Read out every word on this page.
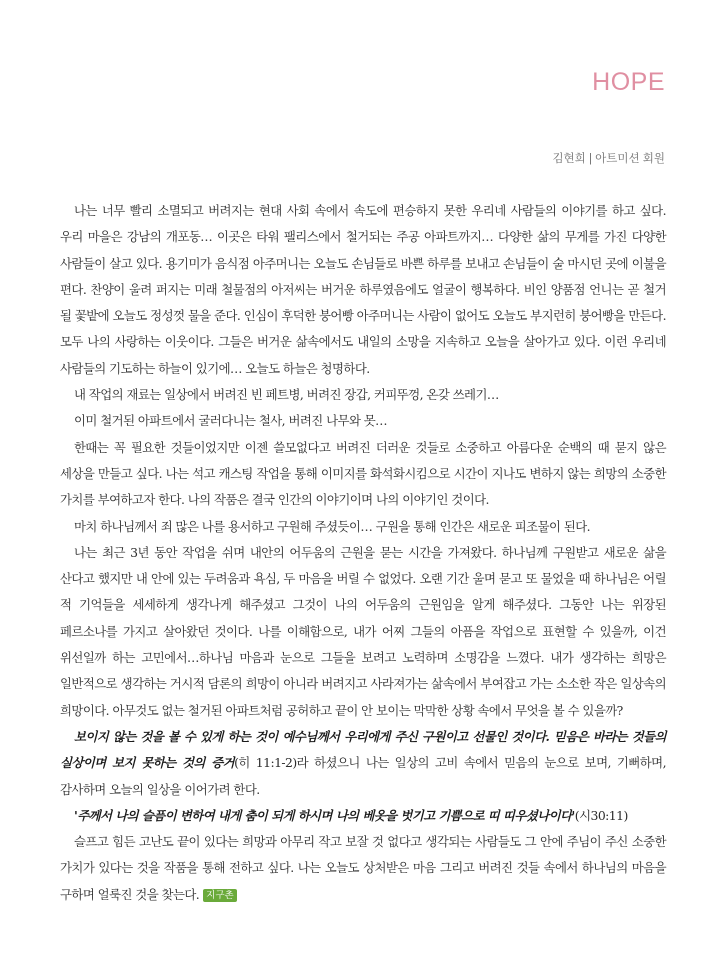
HOPE
김현희 | 아트미션 회원

나는 너무 빨리 소멸되고 버려지는 현대 사회 속에서 속도에 편승하지 못한 우리네 사람들의 이야기를 하고 싶다. 우리 마을은 강남의 개포동… 이곳은 타워 팰리스에서 철거되는 주공 아파트까지… 다양한 삶의 무게를 가진 다양한 사람들이 살고 있다. 용기미가 음식점 아주머니는 오늘도 손님들로 바쁜 하루를 보내고 손님들이 술 마시던 곳에 이불을 편다. 찬양이 울려 퍼지는 미래 철물점의 아저씨는 버거운 하루였음에도 얼굴이 행복하다. 비인 양품점 언니는 곧 철거 될 꽃밭에 오늘도 정성껏 물을 준다. 인심이 후덕한 붕어빵 아주머니는 사람이 없어도 오늘도 부지런히 붕어빵을 만든다. 모두 나의 사랑하는 이웃이다. 그들은 버거운 삶속에서도 내일의 소망을 지속하고 오늘을 살아가고 있다. 이런 우리네 사람들의 기도하는 하늘이 있기에… 오늘도 하늘은 청명하다.

내 작업의 재료는 일상에서 버려진 빈 페트병, 버려진 장갑, 커피뚜껑, 온갖 쓰레기…

이미 철거된 아파트에서 굴러다니는 철사, 버려진 나무와 못…

한때는 꼭 필요한 것들이었지만 이젠 쓸모없다고 버려진 더러운 것들로 소중하고 아름다운 순백의 때 묻지 않은 세상을 만들고 싶다. 나는 석고 캐스팅 작업을 통해 이미지를 화석화시킴으로 시간이 지나도 변하지 않는 희망의 소중한 가치를 부여하고자 한다. 나의 작품은 결국 인간의 이야기이며 나의 이야기인 것이다.

마치 하나님께서 죄 많은 나를 용서하고 구원해 주셨듯이… 구원을 통해 인간은 새로운 피조물이 된다.

나는 최근 3년 동안 작업을 쉬며 내안의 어두움의 근원을 묻는 시간을 가져왔다. 하나님께 구원받고 새로운 삶을 산다고 했지만 내 안에 있는 두려움과 욕심, 두 마음을 버릴 수 없었다. 오랜 기간 울며 묻고 또 물었을 때 하나님은 어릴 적 기억들을 세세하게 생각나게 해주셨고 그것이 나의 어두움의 근원임을 알게 해주셨다. 그동안 나는 위장된 페르소나를 가지고 살아왔던 것이다. 나를 이해함으로, 내가 어찌 그들의 아픔을 작업으로 표현할 수 있을까, 이건 위선일까 하는 고민에서…하나님 마음과 눈으로 그들을 보려고 노력하며 소명감을 느꼈다. 내가 생각하는 희망은 일반적으로 생각하는 거시적 담론의 희망이 아니라 버려지고 사라져가는 삶속에서 부여잡고 가는 소소한 작은 일상속의 희망이다. 아무것도 없는 철거된 아파트처럼 공허하고 끝이 안 보이는 막막한 상황 속에서 무엇을 볼 수 있을까?

보이지 않는 것을 볼 수 있게 하는 것이 예수님께서 우리에게 주신 구원이고 선물인 것이다. 믿음은 바라는 것들의 실상이며 보지 못하는 것의 증거(히 11:1-2)라 하셨으니 나는 일상의 고비 속에서 믿음의 눈으로 보며, 기뻐하며, 감사하며 오늘의 일상을 이어가려 한다.

'주께서 나의 슬픔이 변하여 내게 춤이 되게 하시며 나의 베옷을 벗기고 기쁨으로 띠 띠우셨나이다'(시30:11)

슬프고 힘든 고난도 끝이 있다는 희망과 아무리 작고 보잘 것 없다고 생각되는 사람들도 그 안에 주님이 주신 소중한 가치가 있다는 것을 작품을 통해 전하고 싶다. 나는 오늘도 상처받은 마음 그리고 버려진 것들 속에서 하나님의 마음을 구하며 얼룩진 것을 찾는다. 지구촌
